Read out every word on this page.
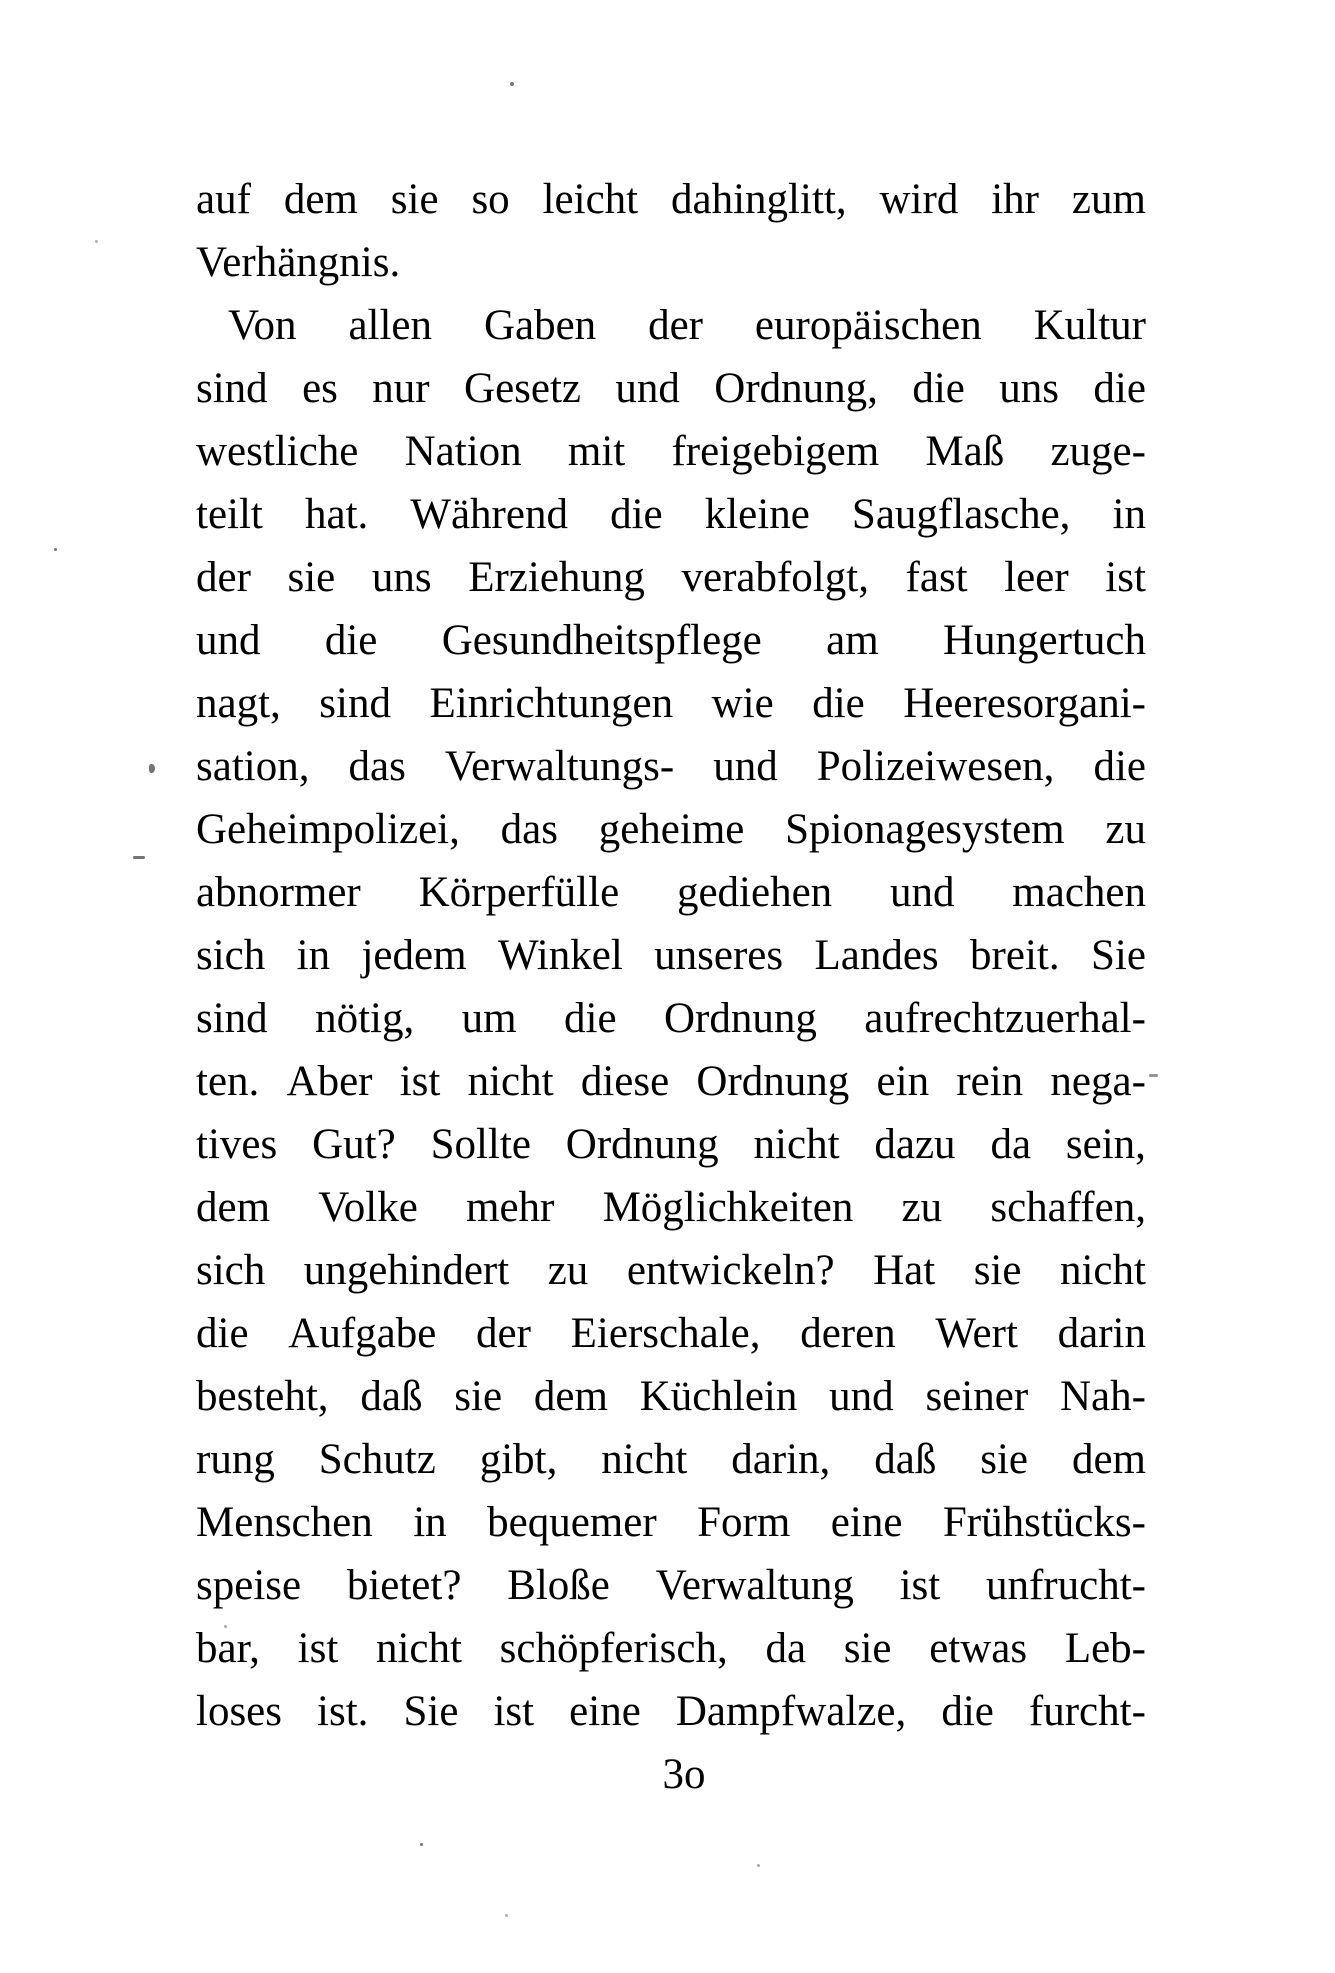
auf dem sie so leicht dahinglitt, wird ihr zum
Verhängnis.
Von allen Gaben der europäischen Kultur
sind es nur Gesetz und Ordnung, die uns die
westliche Nation mit freigebigem Maß zuge-
teilt hat. Während die kleine Saugflasche, in
der sie uns Erziehung verabfolgt, fast leer ist
und die Gesundheitspflege am Hungertuch
nagt, sind Einrichtungen wie die Heeresorgani-
sation, das Verwaltungs- und Polizeiwesen, die
Geheimpolizei, das geheime Spionagesystem zu
abnormer Körperfülle gediehen und machen
sich in jedem Winkel unseres Landes breit. Sie
sind nötig, um die Ordnung aufrechtzuerhal-
ten. Aber ist nicht diese Ordnung ein rein nega-
tives Gut? Sollte Ordnung nicht dazu da sein,
dem Volke mehr Möglichkeiten zu schaffen,
sich ungehindert zu entwickeln? Hat sie nicht
die Aufgabe der Eierschale, deren Wert darin
besteht, daß sie dem Küchlein und seiner Nah-
rung Schutz gibt, nicht darin, daß sie dem
Menschen in bequemer Form eine Frühstücks-
speise bietet? Bloße Verwaltung ist unfrucht-
bar, ist nicht schöpferisch, da sie etwas Leb-
loses ist. Sie ist eine Dampfwalze, die furcht-
3o
